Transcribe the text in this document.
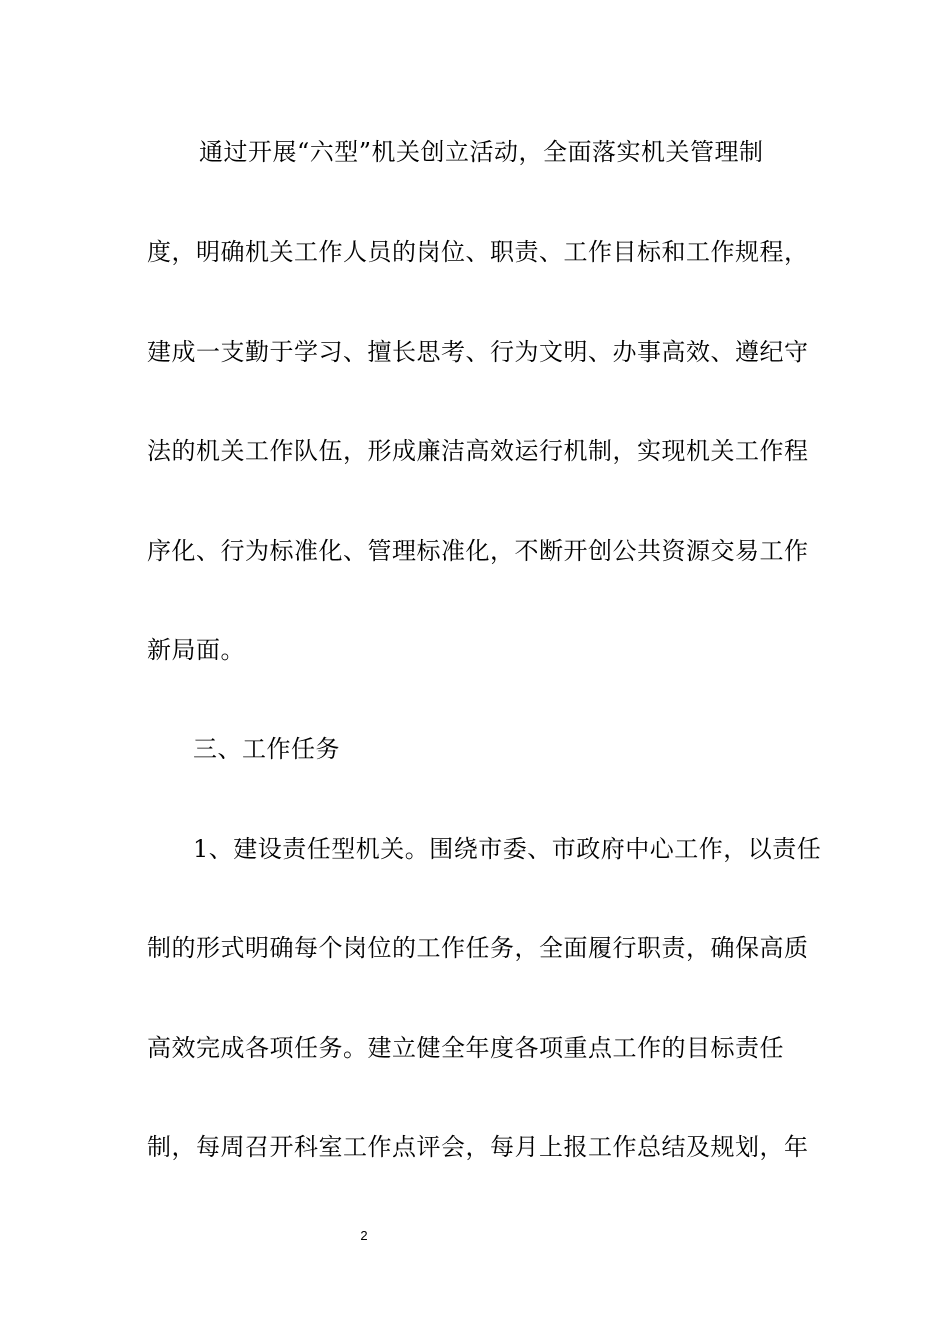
通过开展“六型”机关创立活动，全面落实机关管理制
度，明确机关工作人员的岗位、职责、工作目标和工作规程，
建成一支勤于学习、擅长思考、行为文明、办事高效、遵纪守
法的机关工作队伍，形成廉洁高效运行机制，实现机关工作程
序化、行为标准化、管理标准化，不断开创公共资源交易工作
新局面。
三、工作任务
1、建设责任型机关。围绕市委、市政府中心工作，以责任
制的形式明确每个岗位的工作任务，全面履行职责，确保高质
高效完成各项任务。建立健全年度各项重点工作的目标责任
制，每周召开科室工作点评会，每月上报工作总结及规划，年
2
